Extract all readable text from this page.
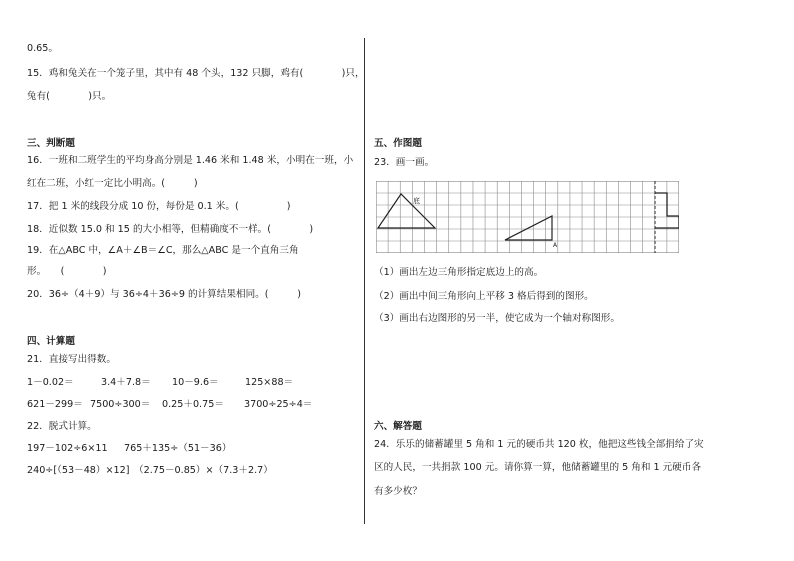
0.65。
15．鸡和兔关在一个笼子里，其中有 48 个头，132 只脚，鸡有(　　　　)只，
兔有(　　　　)只。
三、判断题
16．一班和二班学生的平均身高分别是 1.46 米和 1.48 米，小明在一班，小
红在二班，小红一定比小明高。(　　　)
17．把 1 米的线段分成 10 份，每份是 0.1 米。(　　　　　)
18．近似数 15.0 和 15 的大小相等，但精确度不一样。(　　　　)
19．在△ABC 中，∠A＋∠B＝∠C，那么△ABC 是一个直角三角
形。　　(　　　　)
20．36÷（4＋9）与 36÷4＋36÷9 的计算结果相同。(　　　)
四、计算题
21．直接写出得数。
1－0.02＝	3.4＋7.8＝ 10－9.6＝	125×88＝
621－299＝ 7500÷300＝ 0.25＋0.75＝ 3700÷25÷4＝
22．脱式计算。
197－102÷6×11 765＋135÷（51－36）
240÷[（53－48）×12] （2.75－0.85）×（7.3＋2.7）
五、作图题
23．画一画。
底
A
（1）画出左边三角形指定底边上的高。
（2）画出中间三角形向上平移 3 格后得到的图形。
（3）画出右边图形的另一半，使它成为一个轴对称图形。
六、解答题
24．乐乐的储蓄罐里 5 角和 1 元的硬币共 120 枚，他把这些钱全部捐给了灾
区的人民，一共捐款 100 元。请你算一算，他储蓄罐里的 5 角和 1 元硬币各
有多少枚？
